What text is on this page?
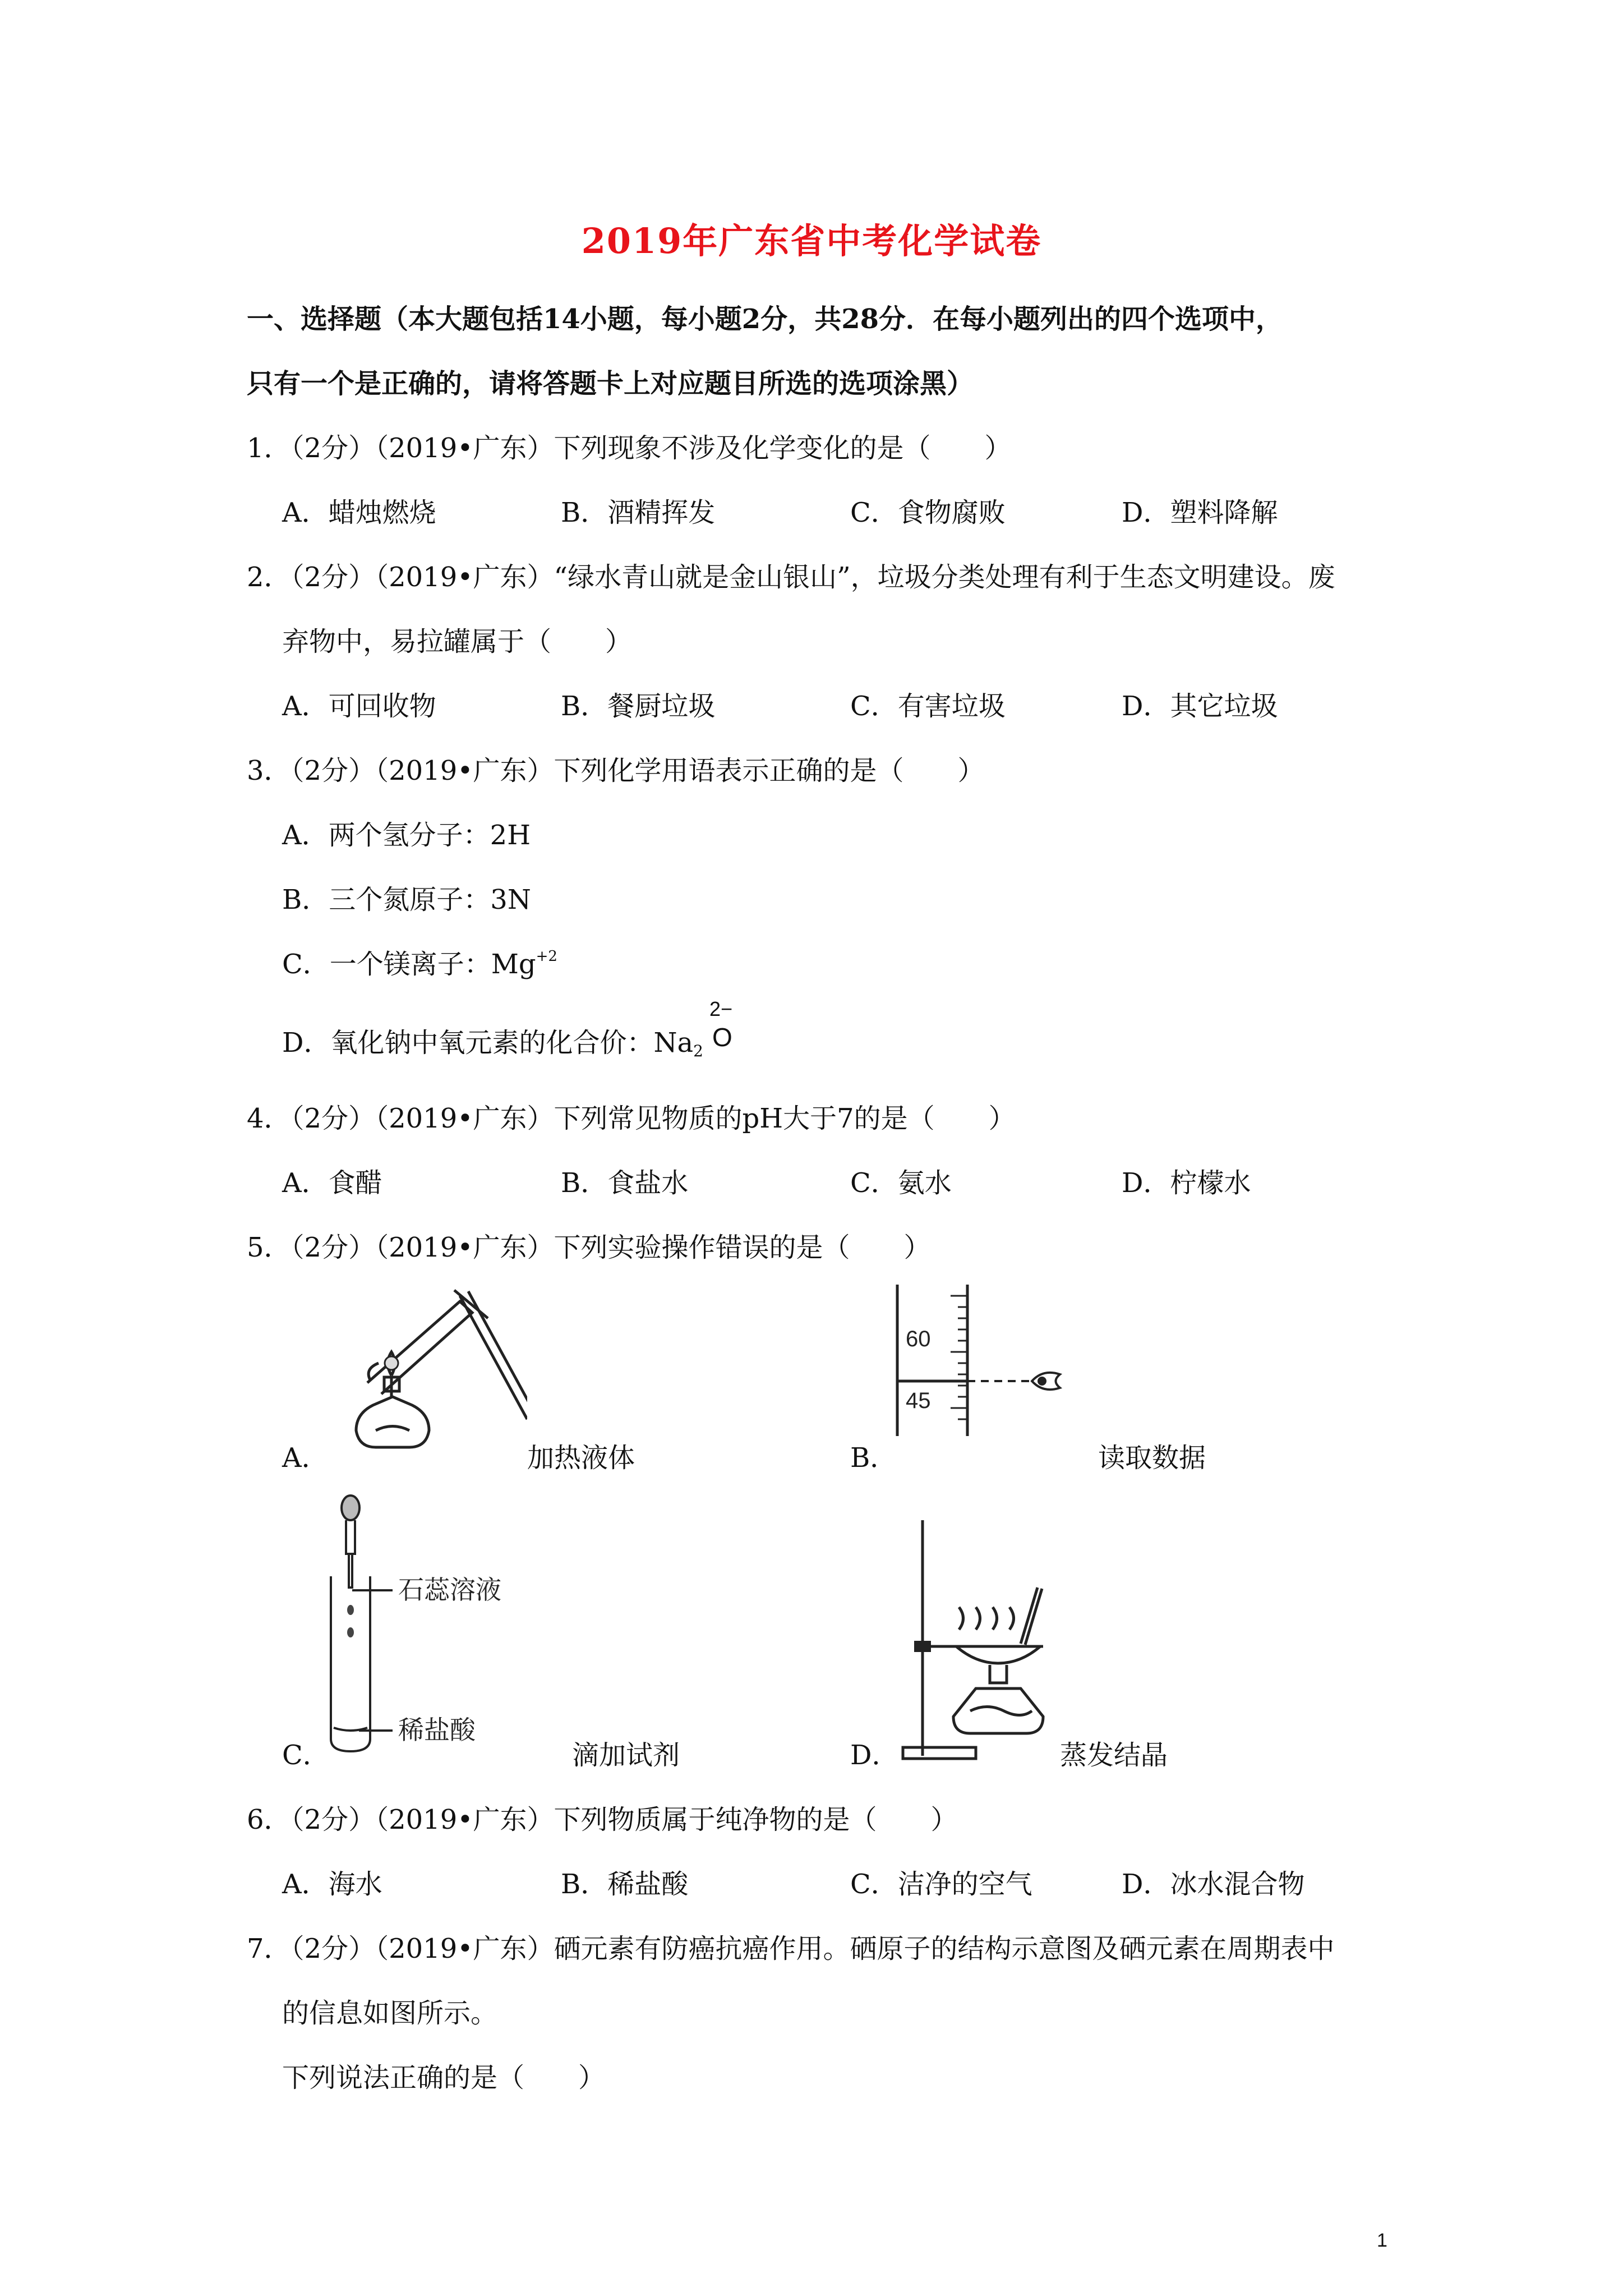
2019年广东省中考化学试卷
一、选择题（本大题包括14小题，每小题2分，共28分．在每小题列出的四个选项中，
只有一个是正确的，请将答题卡上对应题目所选的选项涂黑）
1．（2分）（2019•广东）下列现象不涉及化学变化的是（　　）
A．蜡烛燃烧	B．酒精挥发	C．食物腐败	D．塑料降解
2．（2分）（2019•广东）“绿水青山就是金山银山”，垃圾分类处理有利于生态文明建设。废
弃物中，易拉罐属于（　　）
A．可回收物	B．餐厨垃圾	C．有害垃圾	D．其它垃圾
3．（2分）（2019•广东）下列化学用语表示正确的是（　　）
A．两个氢分子：2H
B．三个氮原子：3N
C．一个镁离子：$Mg^{+2}$
D．氧化钠中氧元素的化合价：$Na_2$
2−
O
4．（2分）（2019•广东）下列常见物质的pH大于7的是（　　）
A．食醋	B．食盐水	C．氨水	D．柠檬水
5．（2分）（2019•广东）下列实验操作错误的是（　　）
A．	加热液体
60
45
B．	读取数据
石蕊溶液
稀盐酸
C．	滴加试剂	D．	蒸发结晶
6．（2分）（2019•广东）下列物质属于纯净物的是（　　）
A．海水	B．稀盐酸	C．洁净的空气	D．冰水混合物
7．（2分）（2019•广东）硒元素有防癌抗癌作用。硒原子的结构示意图及硒元素在周期表中
的信息如图所示。
下列说法正确的是（　　）
1
